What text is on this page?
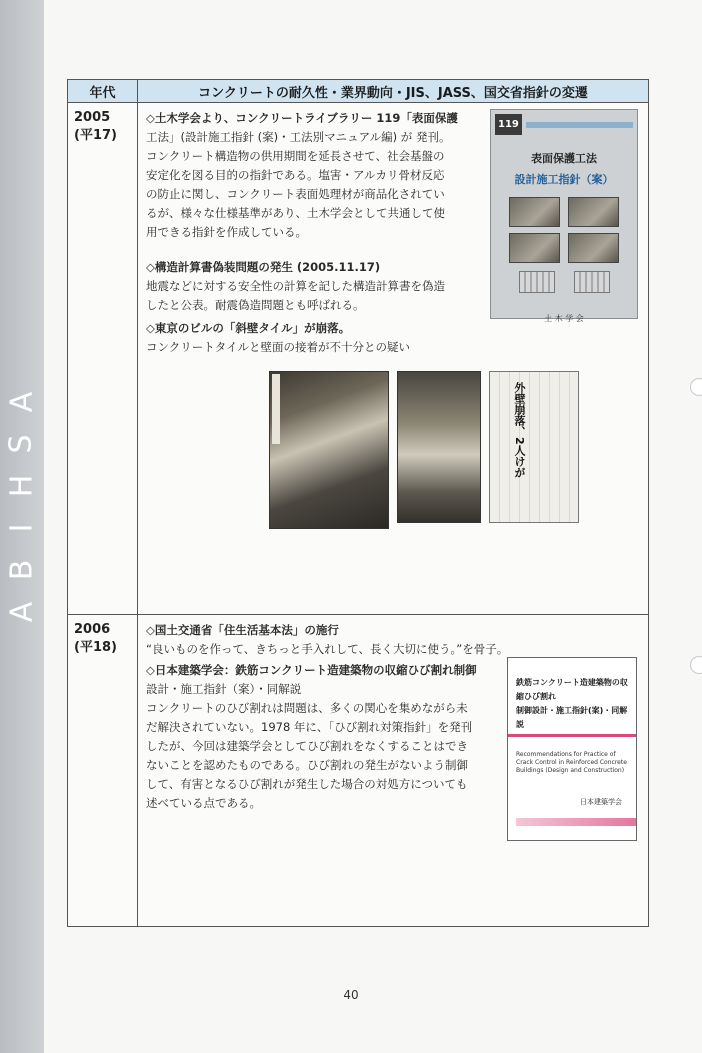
A
S
H
I
B
A
年代	コンクリートの耐久性・業界動向・JIS、JASS、国交省指針の変遷
2005
(平17)

◇土木学会より、コンクリートライブラリー 119「表面保護

工法」(設計施工指針 (案)・工法別マニュアル編) が 発刊。

コンクリート構造物の供用期間を延長させて、社会基盤の

安定化を図る目的の指針である。塩害・アルカリ骨材反応

の防止に関し、コンクリート表面処理材が商品化されてい

るが、様々な仕様基準があり、土木学会として共通して使

用できる指針を作成している。

◇構造計算書偽装問題の発生 (2005.11.17)

地震などに対する安全性の計算を記した構造計算書を偽造

したと公表。耐震偽造問題とも呼ばれる。

◇東京のビルの「斜壁タイル」が崩落。

コンクリートタイルと壁面の接着が不十分との疑い

119
表面保護工法
設計施工指針（案）
土 木 学 会
外壁崩落、2人けが
2006
(平18)

◇国土交通省「住生活基本法」の施行

“良いものを作って、きちっと手入れして、長く大切に使う。”を骨子。

◇日本建築学会：鉄筋コンクリート造建築物の収縮ひび割れ制御

設計・施工指針（案）・同解説

コンクリートのひび割れは問題は、多くの関心を集めながら未

だ解決されていない。1978 年に、「ひび割れ対策指針」を発刊

したが、今回は建築学会としてひび割れをなくすることはでき

ないことを認めたものである。ひび割れの発生がないよう制御

して、有害となるひび割れが発生した場合の対処方についても

述べている点である。

鉄筋コンクリート造建築物の収縮ひび割れ
制御設計・施工指針(案)・同解説
Recommendations for Practice of Crack Control in Reinforced Concrete Buildings (Design and Construction)
日本建築学会
40
